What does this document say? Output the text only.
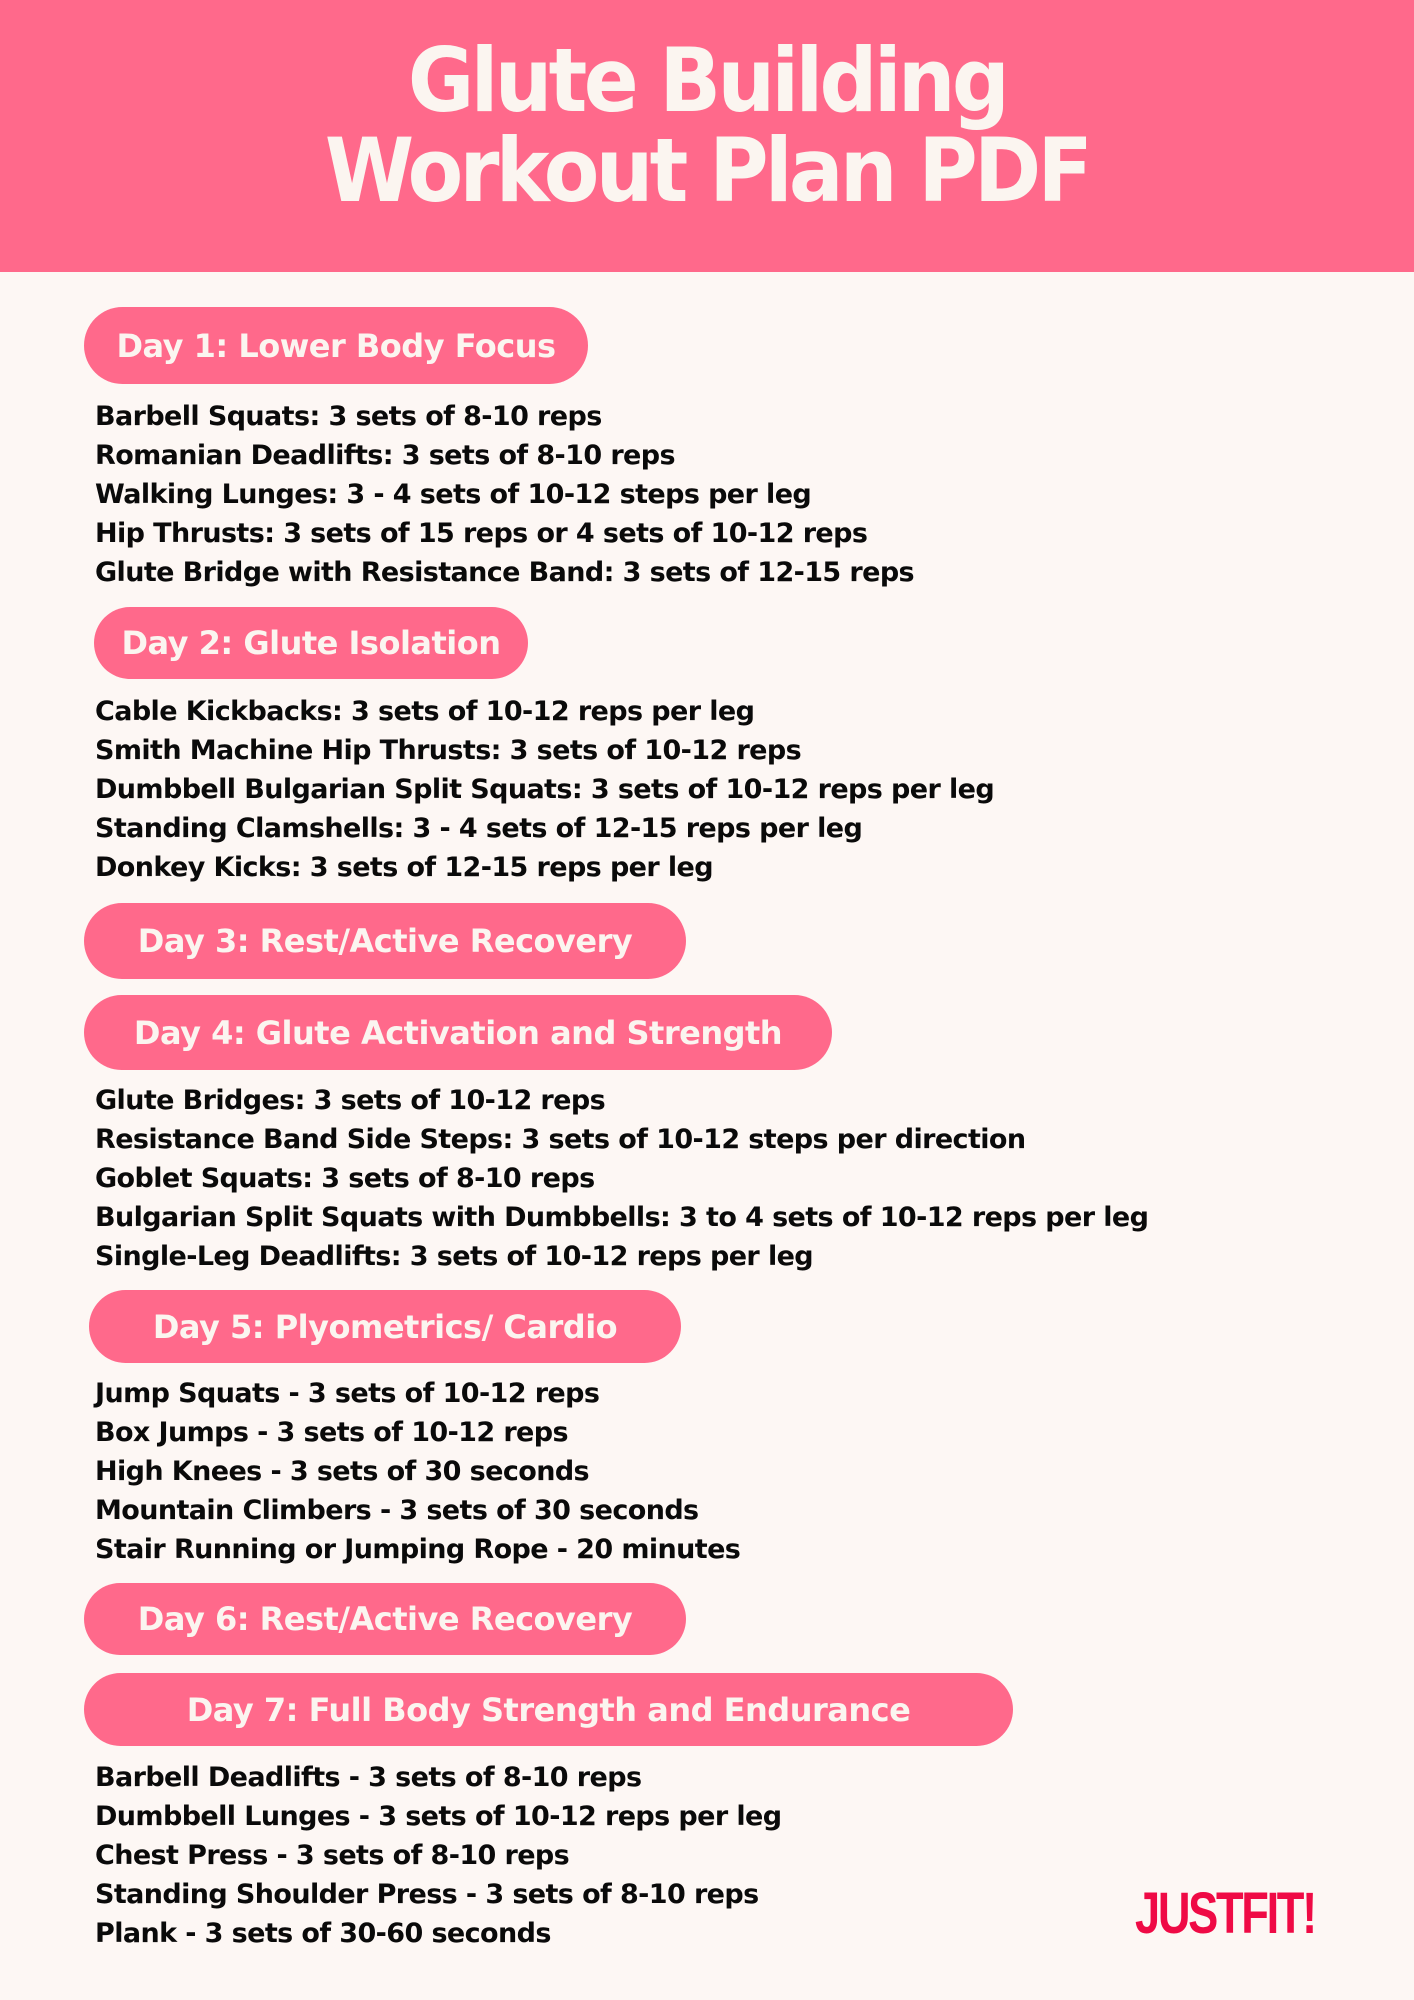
Glute Building
Workout Plan PDF
Day 1: Lower Body Focus
Barbell Squats: 3 sets of 8-10 reps
Romanian Deadlifts: 3 sets of 8-10 reps
Walking Lunges: 3 - 4 sets of 10-12 steps per leg
Hip Thrusts: 3 sets of 15 reps or 4 sets of 10-12 reps
Glute Bridge with Resistance Band: 3 sets of 12-15 reps
Day 2: Glute Isolation
Cable Kickbacks: 3 sets of 10-12 reps per leg
Smith Machine Hip Thrusts: 3 sets of 10-12 reps
Dumbbell Bulgarian Split Squats: 3 sets of 10-12 reps per leg
Standing Clamshells: 3 - 4 sets of 12-15 reps per leg
Donkey Kicks: 3 sets of 12-15 reps per leg
Day 3: Rest/Active Recovery
Day 4: Glute Activation and Strength
Glute Bridges: 3 sets of 10-12 reps
Resistance Band Side Steps: 3 sets of 10-12 steps per direction
Goblet Squats: 3 sets of 8-10 reps
Bulgarian Split Squats with Dumbbells: 3 to 4 sets of 10-12 reps per leg
Single-Leg Deadlifts: 3 sets of 10-12 reps per leg
Day 5: Plyometrics/ Cardio
Jump Squats - 3 sets of 10-12 reps
Box Jumps - 3 sets of 10-12 reps
High Knees - 3 sets of 30 seconds
Mountain Climbers - 3 sets of 30 seconds
Stair Running or Jumping Rope - 20 minutes
Day 6: Rest/Active Recovery
Day 7: Full Body Strength and Endurance
Barbell Deadlifts - 3 sets of 8-10 reps
Dumbbell Lunges - 3 sets of 10-12 reps per leg
Chest Press - 3 sets of 8-10 reps
Standing Shoulder Press - 3 sets of 8-10 reps
Plank - 3 sets of 30-60 seconds	JUSTFIT!
